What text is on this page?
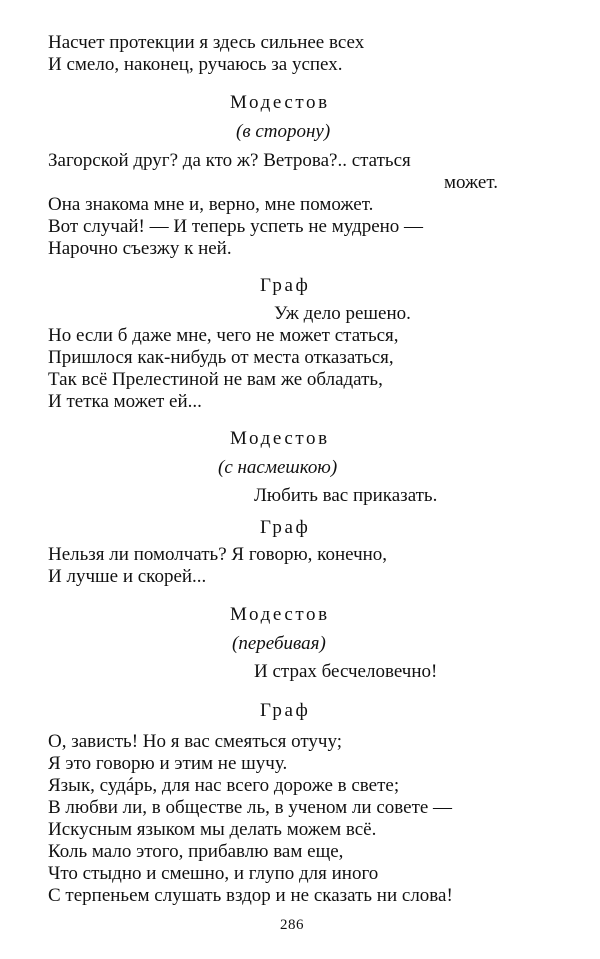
Насчет протекции я здесь сильнее всех
И смело, наконец, ручаюсь за успех.
Модестов
(в сторону)
Загорской друг? да кто ж? Ветрова?.. статься
может.
Она знакома мне и, верно, мне поможет.
Вот случай! — И теперь успеть не мудрено —
Нарочно съезжу к ней.
Граф
Уж дело решено.
Но если б даже мне, чего не может статься,
Пришлося как-нибудь от места отказаться,
Так всё Прелестиной не вам же обладать,
И тетка может ей...
Модестов
(с насмешкою)
Любить вас приказать.
Граф
Нельзя ли помолчать? Я говорю, конечно,
И лучше и скорей...
Модестов
(перебивая)
И страх бесчеловечно!
Граф
О, зависть! Но я вас смеяться отучу;
Я это говорю и этим не шучу.
Язык, судáрь, для нас всего дороже в свете;
В любви ли, в обществе ль, в ученом ли совете —
Искусным языком мы делать можем всё.
Коль мало этого, прибавлю вам еще,
Что стыдно и смешно, и глупо для иного
С терпеньем слушать вздор и не сказать ни слова!
286
